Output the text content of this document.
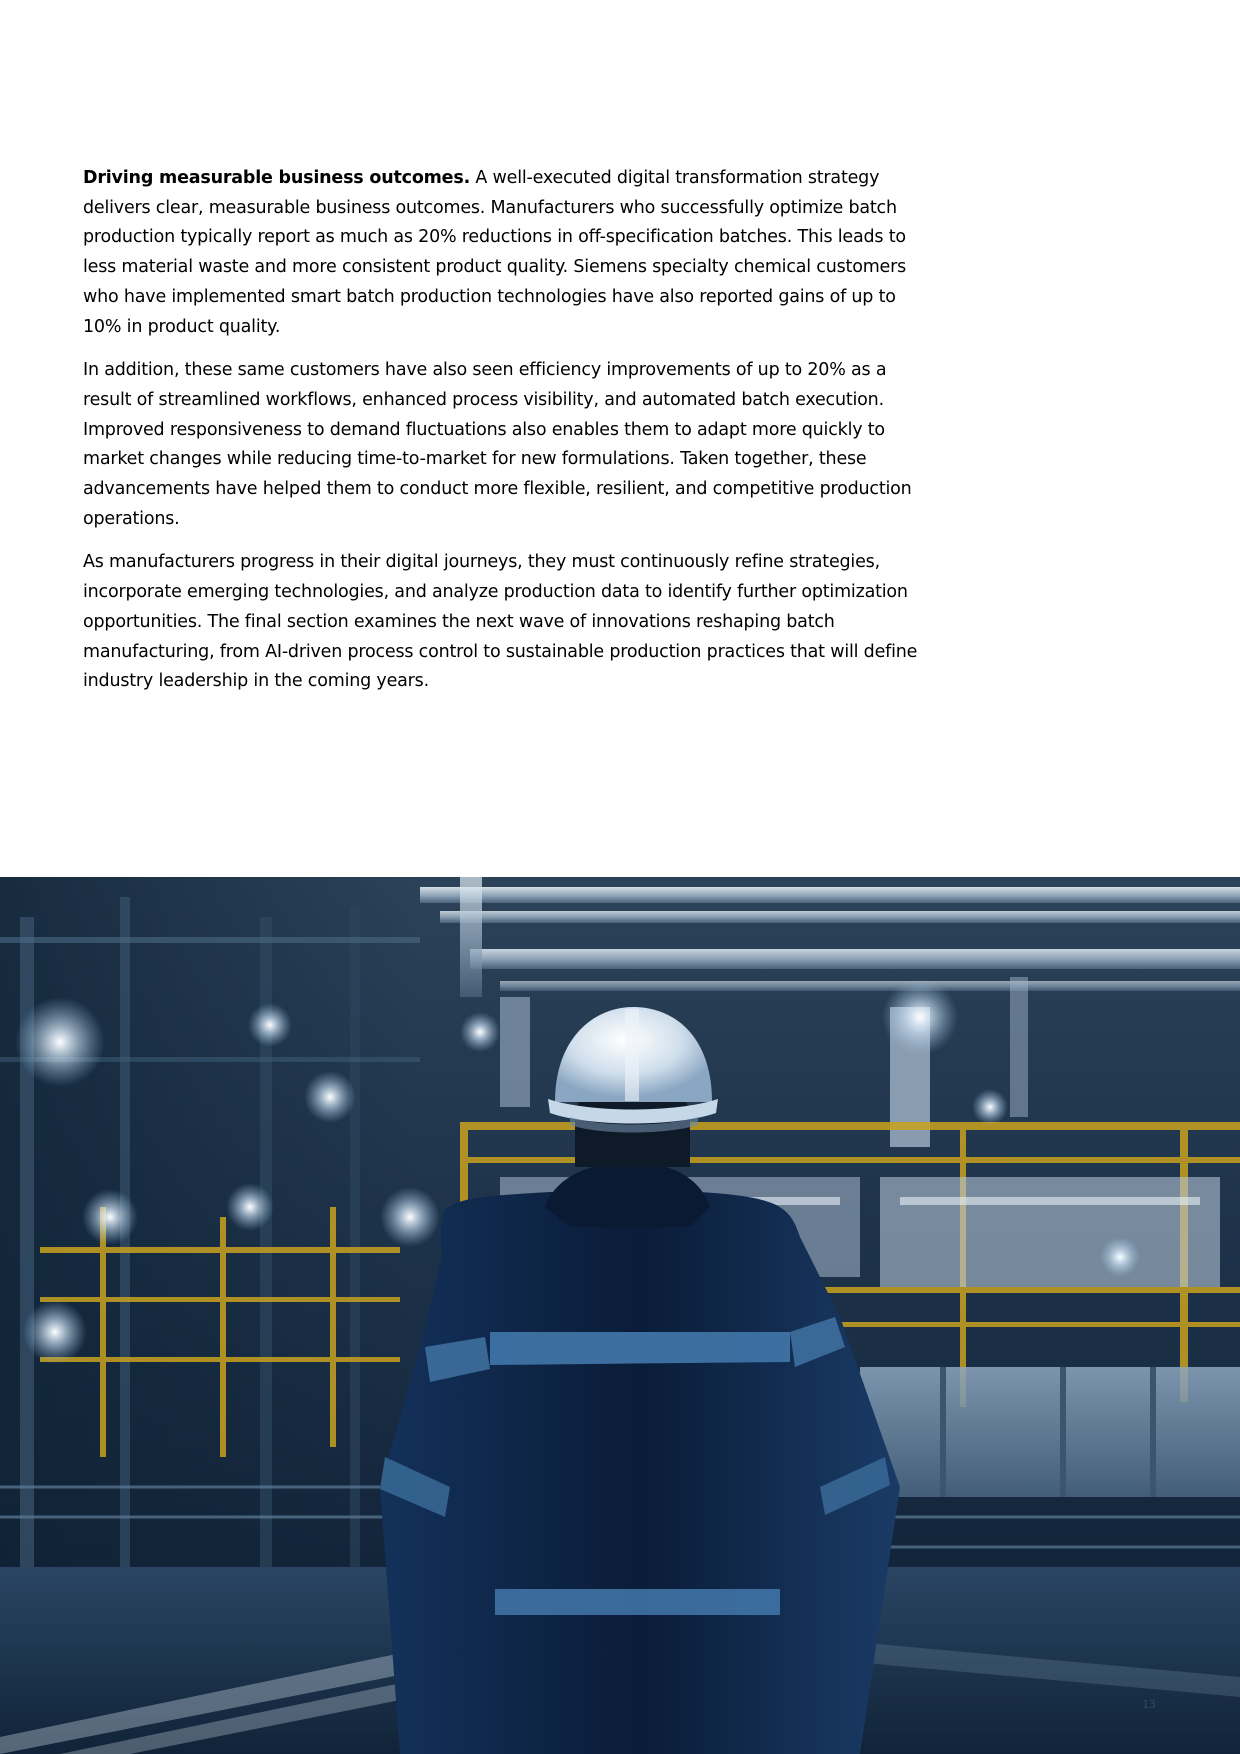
Driving measurable business outcomes. A well-executed digital transformation strategy delivers clear, measurable business outcomes. Manufacturers who successfully optimize batch production typically report as much as 20% reductions in off-specification batches. This leads to less material waste and more consistent product quality. Siemens specialty chemical customers who have implemented smart batch production technologies have also reported gains of up to 10% in product quality.

In addition, these same customers have also seen efficiency improvements of up to 20% as a result of streamlined workflows, enhanced process visibility, and automated batch execution. Improved responsiveness to demand fluctuations also enables them to adapt more quickly to market changes while reducing time-to-market for new formulations. Taken together, these advancements have helped them to conduct more flexible, resilient, and competitive production operations.

As manufacturers progress in their digital journeys, they must continuously refine strategies, incorporate emerging technologies, and analyze production data to identify further optimization opportunities. The final section examines the next wave of innovations reshaping batch manufacturing, from AI-driven process control to sustainable production practices that will define industry leadership in the coming years.

13
